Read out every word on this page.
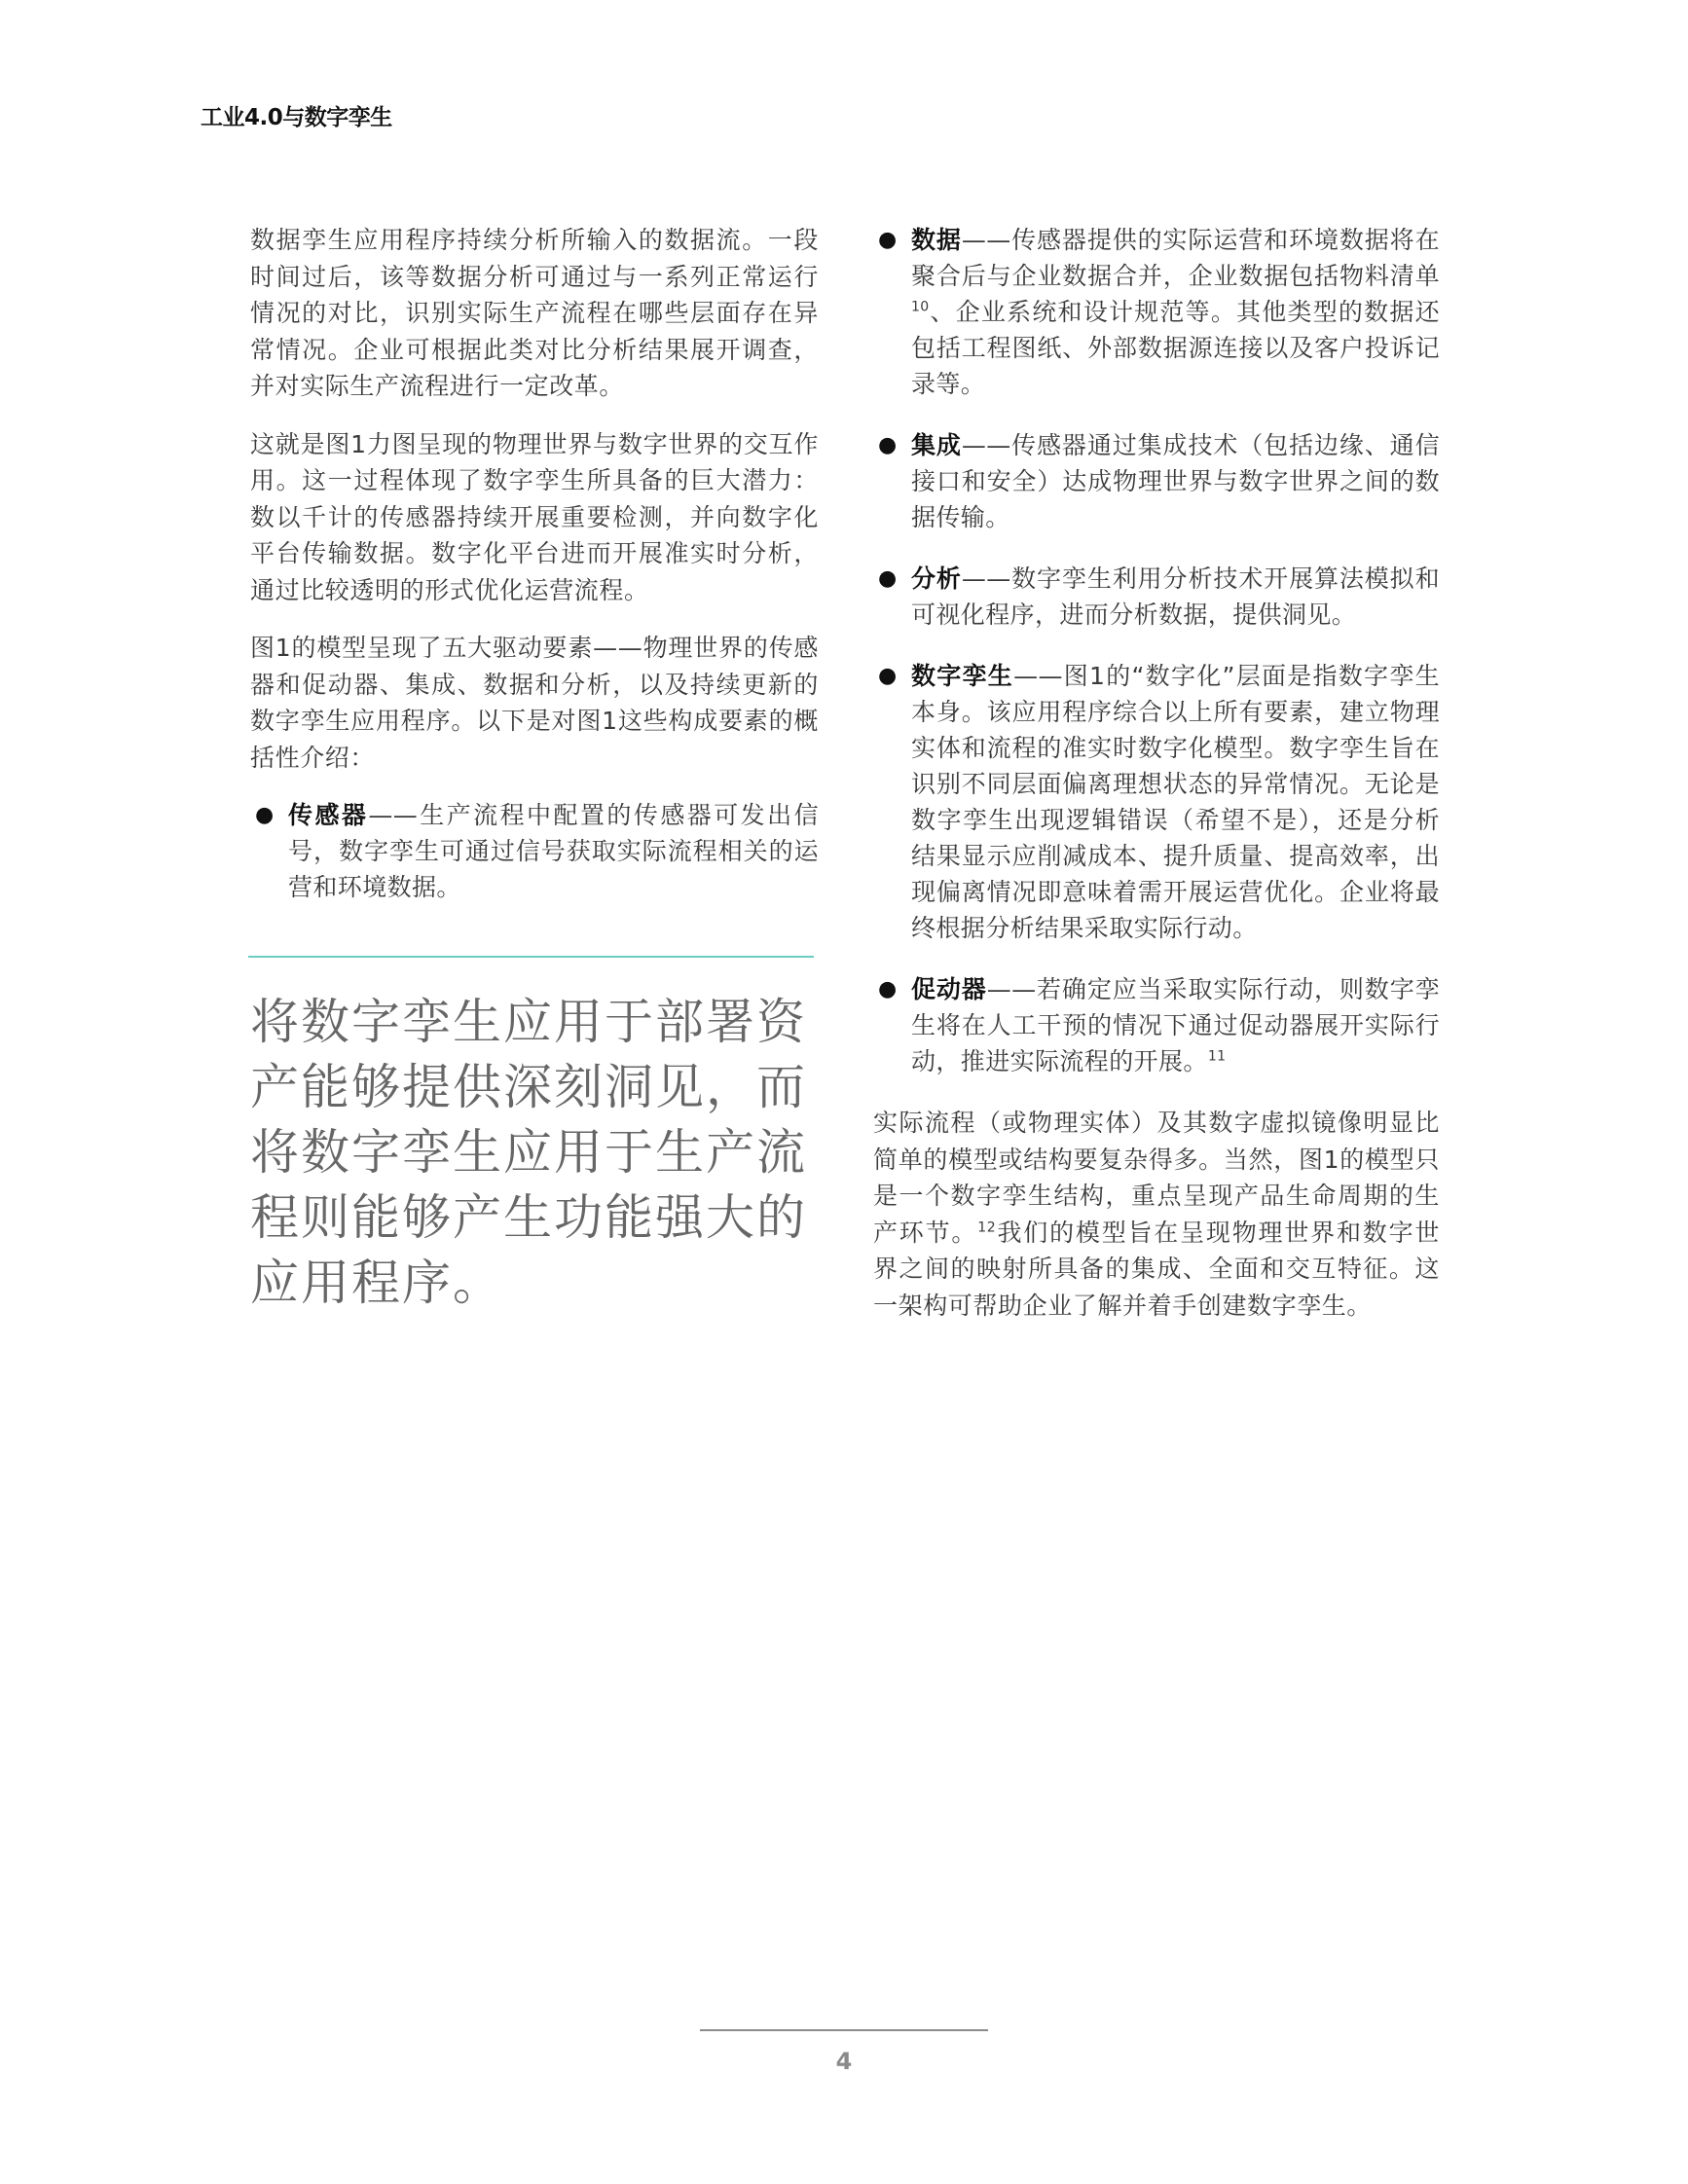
工业4.0与数字孪生

数据孪生应用程序持续分析所输入的数据流。一段时间过后，该等数据分析可通过与一系列正常运行情况的对比，识别实际生产流程在哪些层面存在异常情况。企业可根据此类对比分析结果展开调查，并对实际生产流程进行一定改革。

这就是图1力图呈现的物理世界与数字世界的交互作用。这一过程体现了数字孪生所具备的巨大潜力：数以千计的传感器持续开展重要检测，并向数字化平台传输数据。数字化平台进而开展准实时分析，通过比较透明的形式优化运营流程。

图1的模型呈现了五大驱动要素——物理世界的传感器和促动器、集成、数据和分析，以及持续更新的数字孪生应用程序。以下是对图1这些构成要素的概括性介绍：

● 传感器——生产流程中配置的传感器可发出信号，数字孪生可通过信号获取实际流程相关的运营和环境数据。
将数字孪生应用于部署资产能够提供深刻洞见，而将数字孪生应用于生产流程则能够产生功能强大的应用程序。
● 数据——传感器提供的实际运营和环境数据将在聚合后与企业数据合并，企业数据包括物料清单$^{10}$、企业系统和设计规范等。其他类型的数据还包括工程图纸、外部数据源连接以及客户投诉记录等。
● 集成——传感器通过集成技术（包括边缘、通信接口和安全）达成物理世界与数字世界之间的数据传输。
● 分析——数字孪生利用分析技术开展算法模拟和可视化程序，进而分析数据，提供洞见。
● 数字孪生——图1的“数字化”层面是指数字孪生本身。该应用程序综合以上所有要素，建立物理实体和流程的准实时数字化模型。数字孪生旨在识别不同层面偏离理想状态的异常情况。无论是数字孪生出现逻辑错误（希望不是），还是分析结果显示应削减成本、提升质量、提高效率，出现偏离情况即意味着需开展运营优化。企业将最终根据分析结果采取实际行动。
● 促动器——若确定应当采取实际行动，则数字孪生将在人工干预的情况下通过促动器展开实际行动，推进实际流程的开展。$^{11}$

实际流程（或物理实体）及其数字虚拟镜像明显比简单的模型或结构要复杂得多。当然，图1的模型只是一个数字孪生结构，重点呈现产品生命周期的生产环节。$^{12}$我们的模型旨在呈现物理世界和数字世界之间的映射所具备的集成、全面和交互特征。这一架构可帮助企业了解并着手创建数字孪生。

4
